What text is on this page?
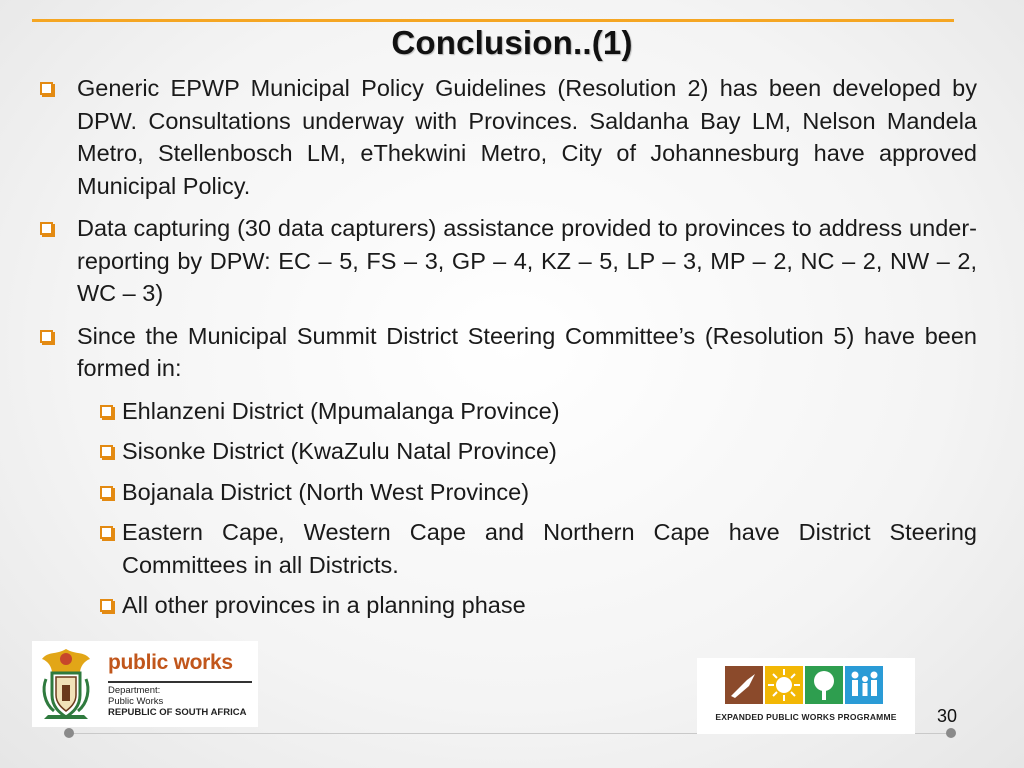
Conclusion..(1)
Generic EPWP Municipal Policy Guidelines (Resolution 2) has been developed by DPW. Consultations underway with Provinces. Saldanha Bay LM, Nelson Mandela Metro, Stellenbosch LM, eThekwini Metro, City of Johannesburg have approved Municipal Policy.
Data capturing (30 data capturers) assistance provided to provinces to address under-reporting by DPW: EC – 5, FS – 3, GP – 4, KZ – 5, LP – 3, MP – 2, NC – 2, NW – 2, WC – 3)
Since the Municipal Summit District Steering Committee’s (Resolution 5) have been formed in:
Ehlanzeni District (Mpumalanga Province)
Sisonke District (KwaZulu Natal Province)
Bojanala District (North West Province)
Eastern Cape, Western Cape and Northern Cape have District Steering Committees in all Districts.
All other provinces in a planning phase
public works
Department:
Public Works
REPUBLIC OF SOUTH AFRICA	EXPANDED PUBLIC WORKS PROGRAMME	30
